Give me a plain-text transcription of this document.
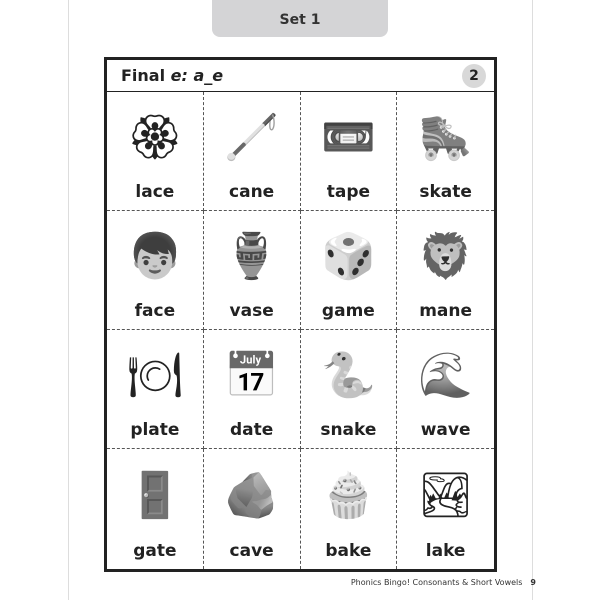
Set 1
Final e: a_e	2
🏵
lace
🦯
cane
📼
tape
🛼
skate
👦
face
🏺
vase
🎲
game
🦁
mane
🍽
plate
📅
date
🐍
snake
🌊
wave
🚪
gate
🪨
cave
🧁
bake
🏞
lake
Phonics Bingo! Consonants & Short Vowels 9
